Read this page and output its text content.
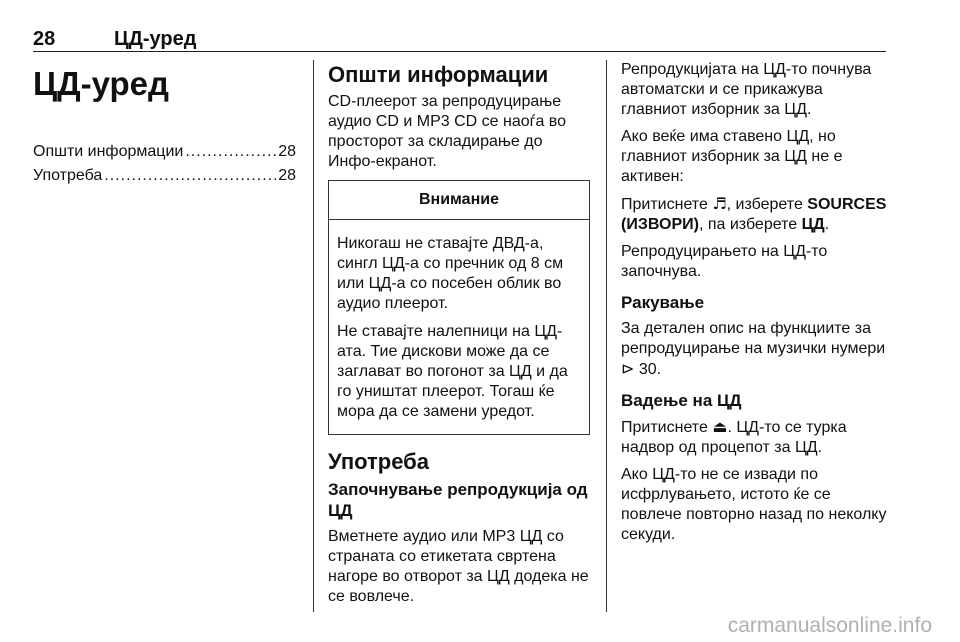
28	ЦД-уред
ЦД-уред
Општи информации .....	28
Употреба .....	28
Општи информации

CD-плеерот за репродуцирање аудио CD и MP3 CD се наоѓа во просторот за складирање до Инфо-екранот.

Внимание

Никогаш не ставајте ДВД-а, сингл ЦД-а со пречник од 8 см или ЦД-а со посебен облик во аудио плеерот.

Не ставајте налепници на ЦД-ата. Тие дискови може да се заглават во погонот за ЦД и да го уништат плеерот. Тогаш ќе мора да се замени уредот.

Употреба
Започнување репродукција од ЦД

Вметнете аудио или MP3 ЦД со страната со етикетата свртена нагоре во отворот за ЦД додека не се вовлече.

Репродукцијата на ЦД-то почнува автоматски и се прикажува главниот изборник за ЦД.

Ако веќе има ставено ЦД, но главниот изборник за ЦД не е активен:

Притиснете ♬, изберете SOURCES (ИЗВОРИ), па изберете ЦД.

Репродуцирањето на ЦД-то започнува.

Ракување

За детален опис на функциите за репродуцирање на музички нумери
⊳ 30.

Вадење на ЦД

Притиснете ⏏. ЦД-то се турка надвор од процепот за ЦД.

Ако ЦД-то не се извади по исфрлувањето, истото ќе се повлече повторно назад по неколку секуди.

carmanualsonline.info
